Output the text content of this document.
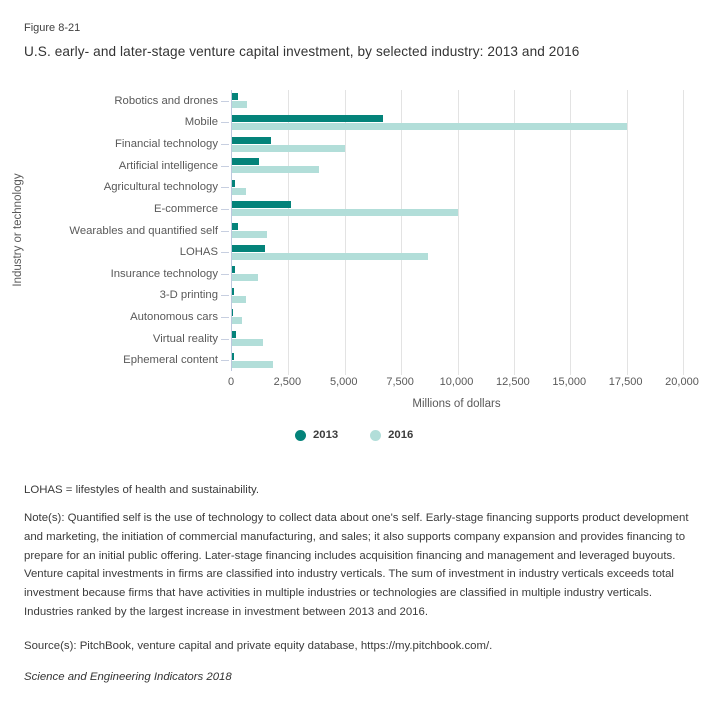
Figure 8-21
U.S. early- and later-stage venture capital investment, by selected industry: 2013 and 2016
Industry or technology
Robotics and drones
Mobile
Financial technology
Artificial intelligence
Agricultural technology
E-commerce
Wearables and quantified self
LOHAS
Insurance technology
3-D printing
Autonomous cars
Virtual reality
Ephemeral content
0	2,500	5,000	7,500 10,000 12,500 15,000 17,500 20,000
Millions of dollars
2013	2016
LOHAS = lifestyles of health and sustainability.
Note(s): Quantified self is the use of technology to collect data about one's self. Early-stage financing supports product development and marketing, the initiation of commercial manufacturing, and sales; it also supports company expansion and provides financing to prepare for an initial public offering. Later-stage financing includes acquisition financing and management and leveraged buyouts. Venture capital investments in firms are classified into industry verticals. The sum of investment in industry verticals exceeds total investment because firms that have activities in multiple industries or technologies are classified in multiple industry verticals. Industries ranked by the largest increase in investment between 2013 and 2016.
Source(s): PitchBook, venture capital and private equity database, https://my.pitchbook.com/.
Science and Engineering Indicators 2018
